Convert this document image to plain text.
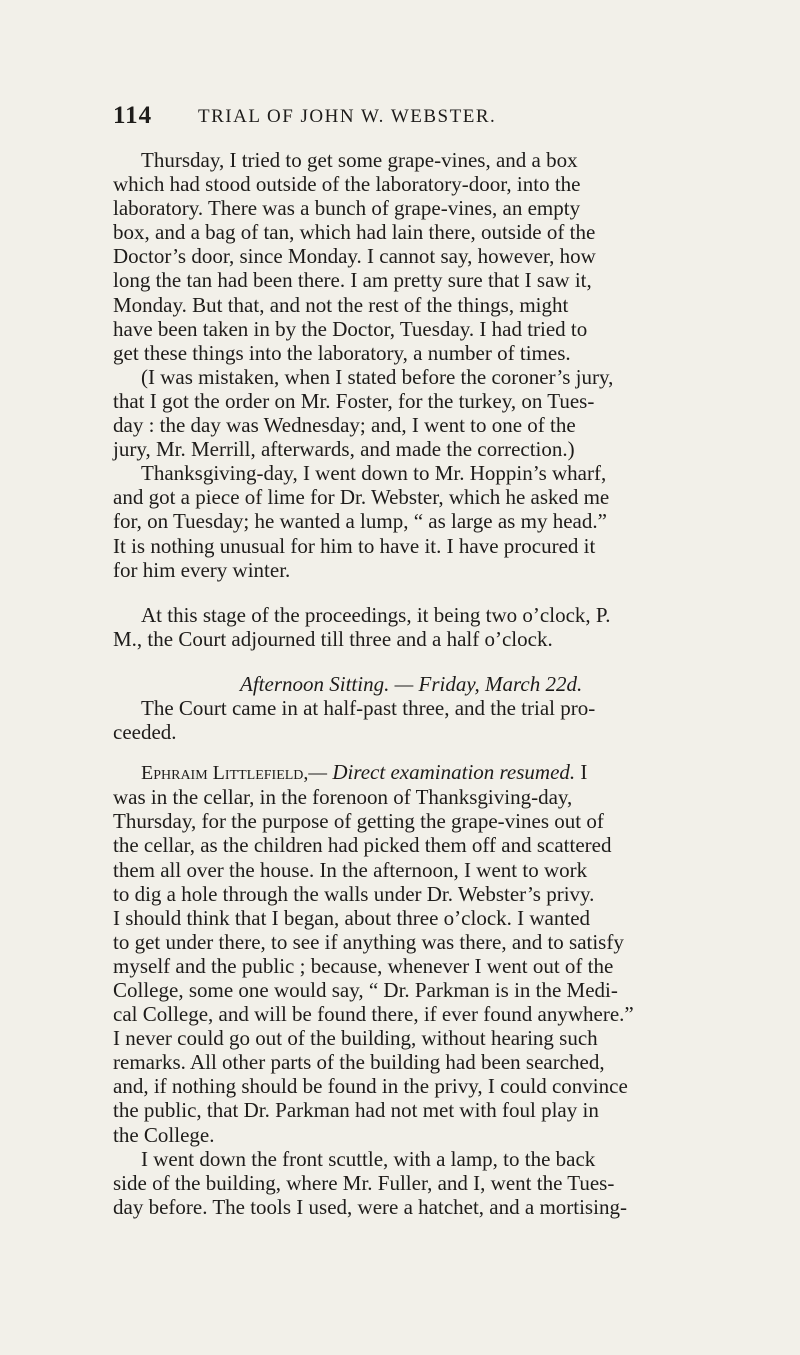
114 TRIAL OF JOHN W. WEBSTER.
Thursday, I tried to get some grape-vines, and a box
which had stood outside of the laboratory-door, into the
laboratory. There was a bunch of grape-vines, an empty
box, and a bag of tan, which had lain there, outside of the
Doctor’s door, since Monday. I cannot say, however, how
long the tan had been there. I am pretty sure that I saw it,
Monday. But that, and not the rest of the things, might
have been taken in by the Doctor, Tuesday. I had tried to
get these things into the laboratory, a number of times.
(I was mistaken, when I stated before the coroner’s jury,
that I got the order on Mr. Foster, for the turkey, on Tues-
day : the day was Wednesday; and, I went to one of the
jury, Mr. Merrill, afterwards, and made the correction.)
Thanksgiving-day, I went down to Mr. Hoppin’s wharf,
and got a piece of lime for Dr. Webster, which he asked me
for, on Tuesday; he wanted a lump, “ as large as my head.”
It is nothing unusual for him to have it. I have procured it
for him every winter.
At this stage of the proceedings, it being two o’clock, P.
M., the Court adjourned till three and a half o’clock.
Afternoon Sitting. — Friday, March 22d.
The Court came in at half-past three, and the trial pro-
ceeded.
Ephraim Littlefield,— Direct examination resumed. I
was in the cellar, in the forenoon of Thanksgiving-day,
Thursday, for the purpose of getting the grape-vines out of
the cellar, as the children had picked them off and scattered
them all over the house. In the afternoon, I went to work
to dig a hole through the walls under Dr. Webster’s privy.
I should think that I began, about three o’clock. I wanted
to get under there, to see if anything was there, and to satisfy
myself and the public ; because, whenever I went out of the
College, some one would say, “ Dr. Parkman is in the Medi-
cal College, and will be found there, if ever found anywhere.”
I never could go out of the building, without hearing such
remarks. All other parts of the building had been searched,
and, if nothing should be found in the privy, I could convince
the public, that Dr. Parkman had not met with foul play in
the College.
I went down the front scuttle, with a lamp, to the back
side of the building, where Mr. Fuller, and I, went the Tues-
day before. The tools I used, were a hatchet, and a mortising-
